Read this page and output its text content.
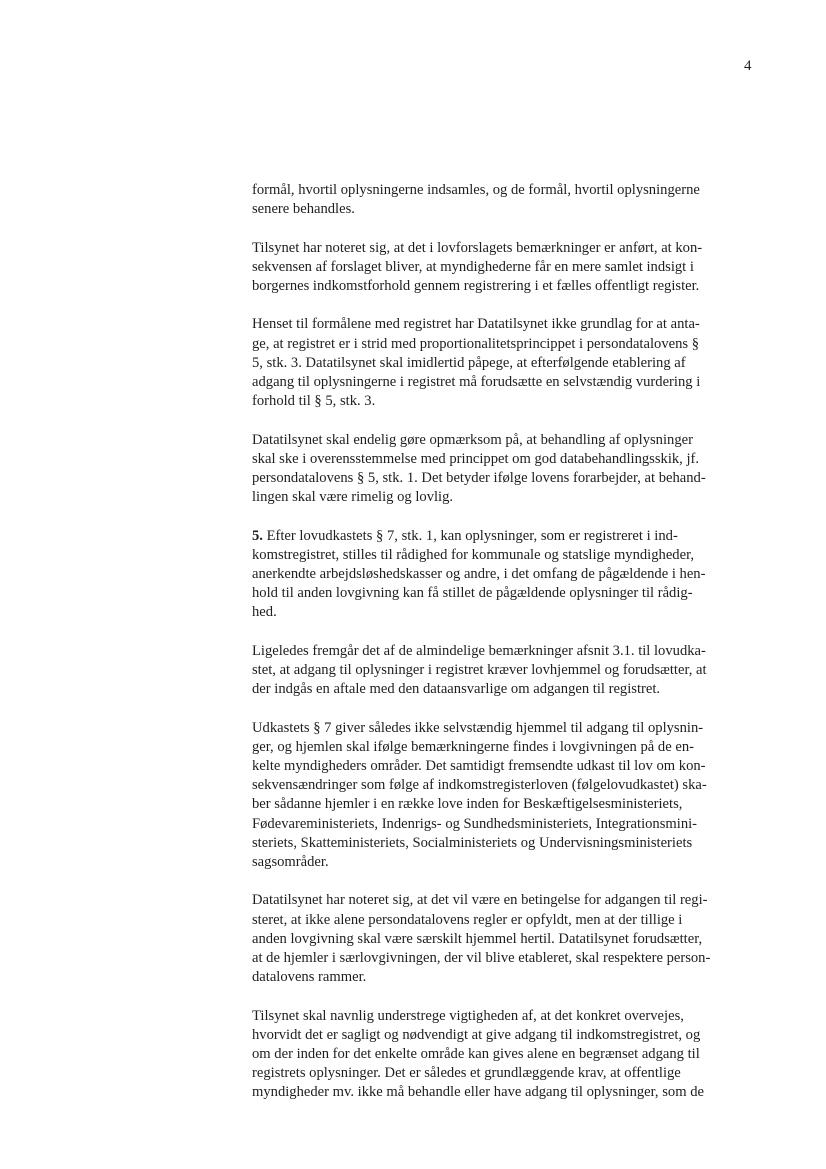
4

formål, hvortil oplysningerne indsamles, og de formål, hvortil oplysningerne
senere behandles.

Tilsynet har noteret sig, at det i lovforslagets bemærkninger er anført, at kon-
sekvensen af forslaget bliver, at myndighederne får en mere samlet indsigt i
borgernes indkomstforhold gennem registrering i et fælles offentligt register.

Henset til formålene med registret har Datatilsynet ikke grundlag for at anta-
ge, at registret er i strid med proportionalitetsprincippet i persondatalovens §
5, stk. 3. Datatilsynet skal imidlertid påpege, at efterfølgende etablering af
adgang til oplysningerne i registret må forudsætte en selvstændig vurdering i
forhold til § 5, stk. 3.

Datatilsynet skal endelig gøre opmærksom på, at behandling af oplysninger
skal ske i overensstemmelse med princippet om god databehandlingsskik, jf.
persondatalovens § 5, stk. 1. Det betyder ifølge lovens forarbejder, at behand-
lingen skal være rimelig og lovlig.

5. Efter lovudkastets § 7, stk. 1, kan oplysninger, som er registreret i ind-
komstregistret, stilles til rådighed for kommunale og statslige myndigheder,
anerkendte arbejdsløshedskasser og andre, i det omfang de pågældende i hen-
hold til anden lovgivning kan få stillet de pågældende oplysninger til rådig-
hed.

Ligeledes fremgår det af de almindelige bemærkninger afsnit 3.1. til lovudka-
stet, at adgang til oplysninger i registret kræver lovhjemmel og forudsætter, at
der indgås en aftale med den dataansvarlige om adgangen til registret.

Udkastets § 7 giver således ikke selvstændig hjemmel til adgang til oplysnin-
ger, og hjemlen skal ifølge bemærkningerne findes i lovgivningen på de en-
kelte myndigheders områder. Det samtidigt fremsendte udkast til lov om kon-
sekvensændringer som følge af indkomstregisterloven (følgelovudkastet) ska-
ber sådanne hjemler i en række love inden for Beskæftigelsesministeriets,
Fødevareministeriets, Indenrigs- og Sundhedsministeriets, Integrationsmini-
steriets, Skatteministeriets, Socialministeriets og Undervisningsministeriets
sagsområder.

Datatilsynet har noteret sig, at det vil være en betingelse for adgangen til regi-
steret, at ikke alene persondatalovens regler er opfyldt, men at der tillige i
anden lovgivning skal være særskilt hjemmel hertil. Datatilsynet forudsætter,
at de hjemler i særlovgivningen, der vil blive etableret, skal respektere person-
datalovens rammer.

Tilsynet skal navnlig understrege vigtigheden af, at det konkret overvejes,
hvorvidt det er sagligt og nødvendigt at give adgang til indkomstregistret, og
om der inden for det enkelte område kan gives alene en begrænset adgang til
registrets oplysninger. Det er således et grundlæggende krav, at offentlige
myndigheder mv. ikke må behandle eller have adgang til oplysninger, som de
